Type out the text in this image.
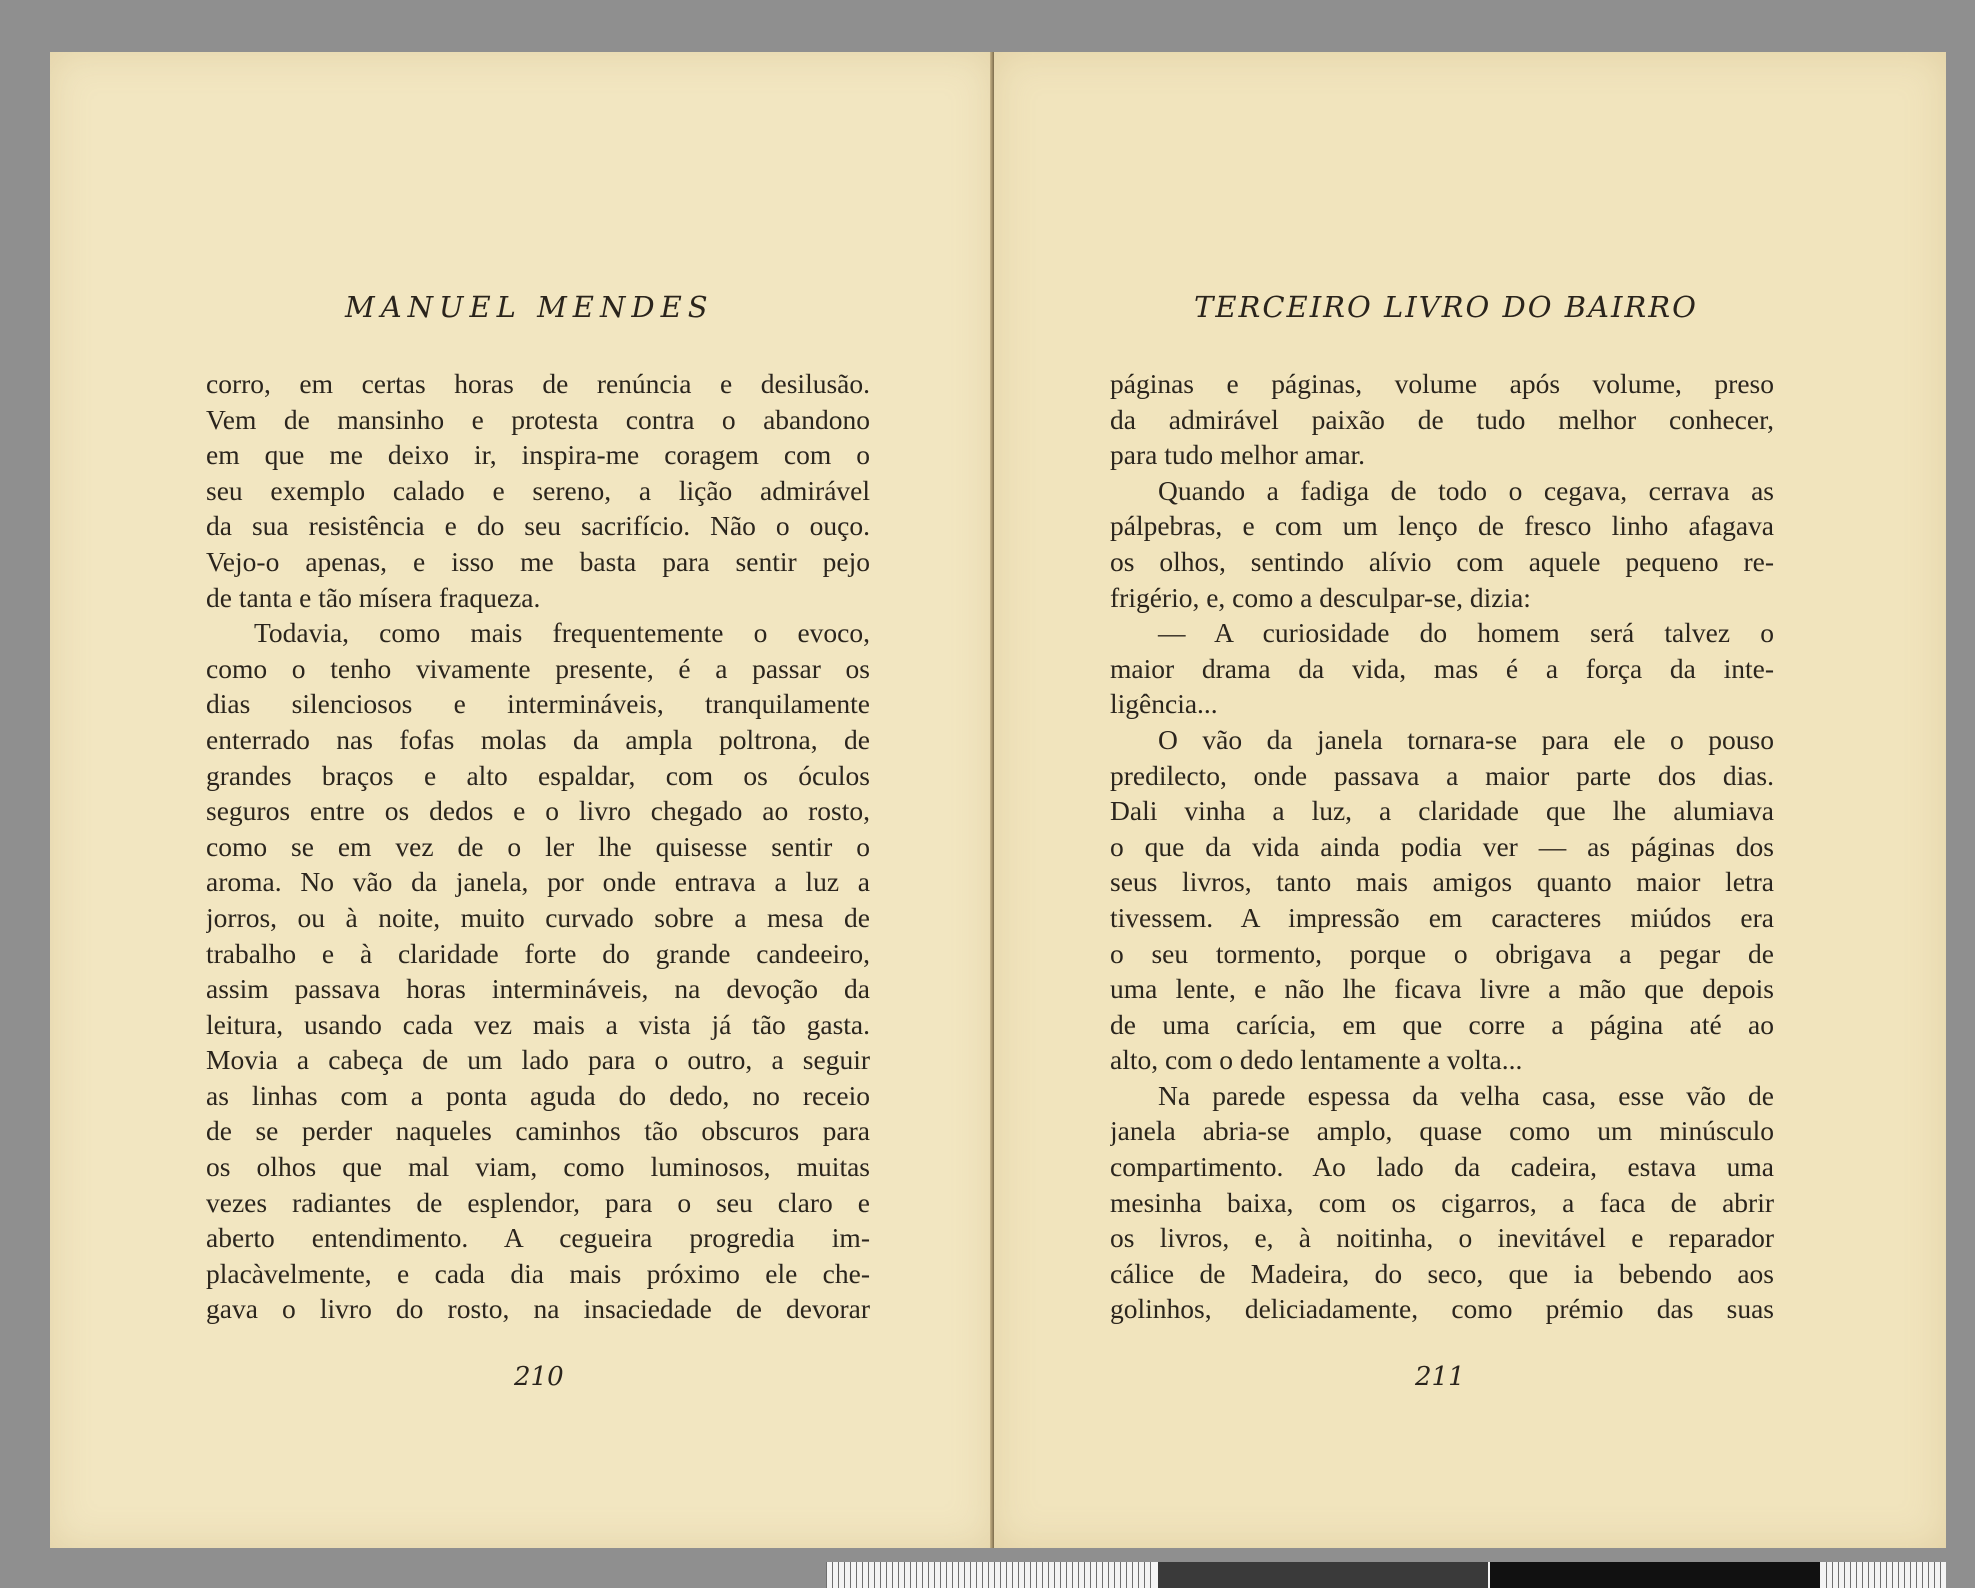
MANUEL MENDES
corro, em certas horas de renúncia e desilusão.
Vem de mansinho e protesta contra o abandono
em que me deixo ir, inspira-me coragem com o
seu exemplo calado e sereno, a lição admirável
da sua resistência e do seu sacrifício. Não o ouço.
Vejo-o apenas, e isso me basta para sentir pejo
de tanta e tão mísera fraqueza.
Todavia, como mais frequentemente o evoco,
como o tenho vivamente presente, é a passar os
dias silenciosos e intermináveis, tranquilamente
enterrado nas fofas molas da ampla poltrona, de
grandes braços e alto espaldar, com os óculos
seguros entre os dedos e o livro chegado ao rosto,
como se em vez de o ler lhe quisesse sentir o
aroma. No vão da janela, por onde entrava a luz a
jorros, ou à noite, muito curvado sobre a mesa de
trabalho e à claridade forte do grande candeeiro,
assim passava horas intermináveis, na devoção da
leitura, usando cada vez mais a vista já tão gasta.
Movia a cabeça de um lado para o outro, a seguir
as linhas com a ponta aguda do dedo, no receio
de se perder naqueles caminhos tão obscuros para
os olhos que mal viam, como luminosos, muitas
vezes radiantes de esplendor, para o seu claro e
aberto entendimento. A cegueira progredia im-
placàvelmente, e cada dia mais próximo ele che-
gava o livro do rosto, na insaciedade de devorar
210
TERCEIRO LIVRO DO BAIRRO
páginas e páginas, volume após volume, preso
da admirável paixão de tudo melhor conhecer,
para tudo melhor amar.
Quando a fadiga de todo o cegava, cerrava as
pálpebras, e com um lenço de fresco linho afagava
os olhos, sentindo alívio com aquele pequeno re-
frigério, e, como a desculpar-se, dizia:
— A curiosidade do homem será talvez o
maior drama da vida, mas é a força da inte-
ligência...
O vão da janela tornara-se para ele o pouso
predilecto, onde passava a maior parte dos dias.
Dali vinha a luz, a claridade que lhe alumiava
o que da vida ainda podia ver — as páginas dos
seus livros, tanto mais amigos quanto maior letra
tivessem. A impressão em caracteres miúdos era
o seu tormento, porque o obrigava a pegar de
uma lente, e não lhe ficava livre a mão que depois
de uma carícia, em que corre a página até ao
alto, com o dedo lentamente a volta...
Na parede espessa da velha casa, esse vão de
janela abria-se amplo, quase como um minúsculo
compartimento. Ao lado da cadeira, estava uma
mesinha baixa, com os cigarros, a faca de abrir
os livros, e, à noitinha, o inevitável e reparador
cálice de Madeira, do seco, que ia bebendo aos
golinhos, deliciadamente, como prémio das suas
211
